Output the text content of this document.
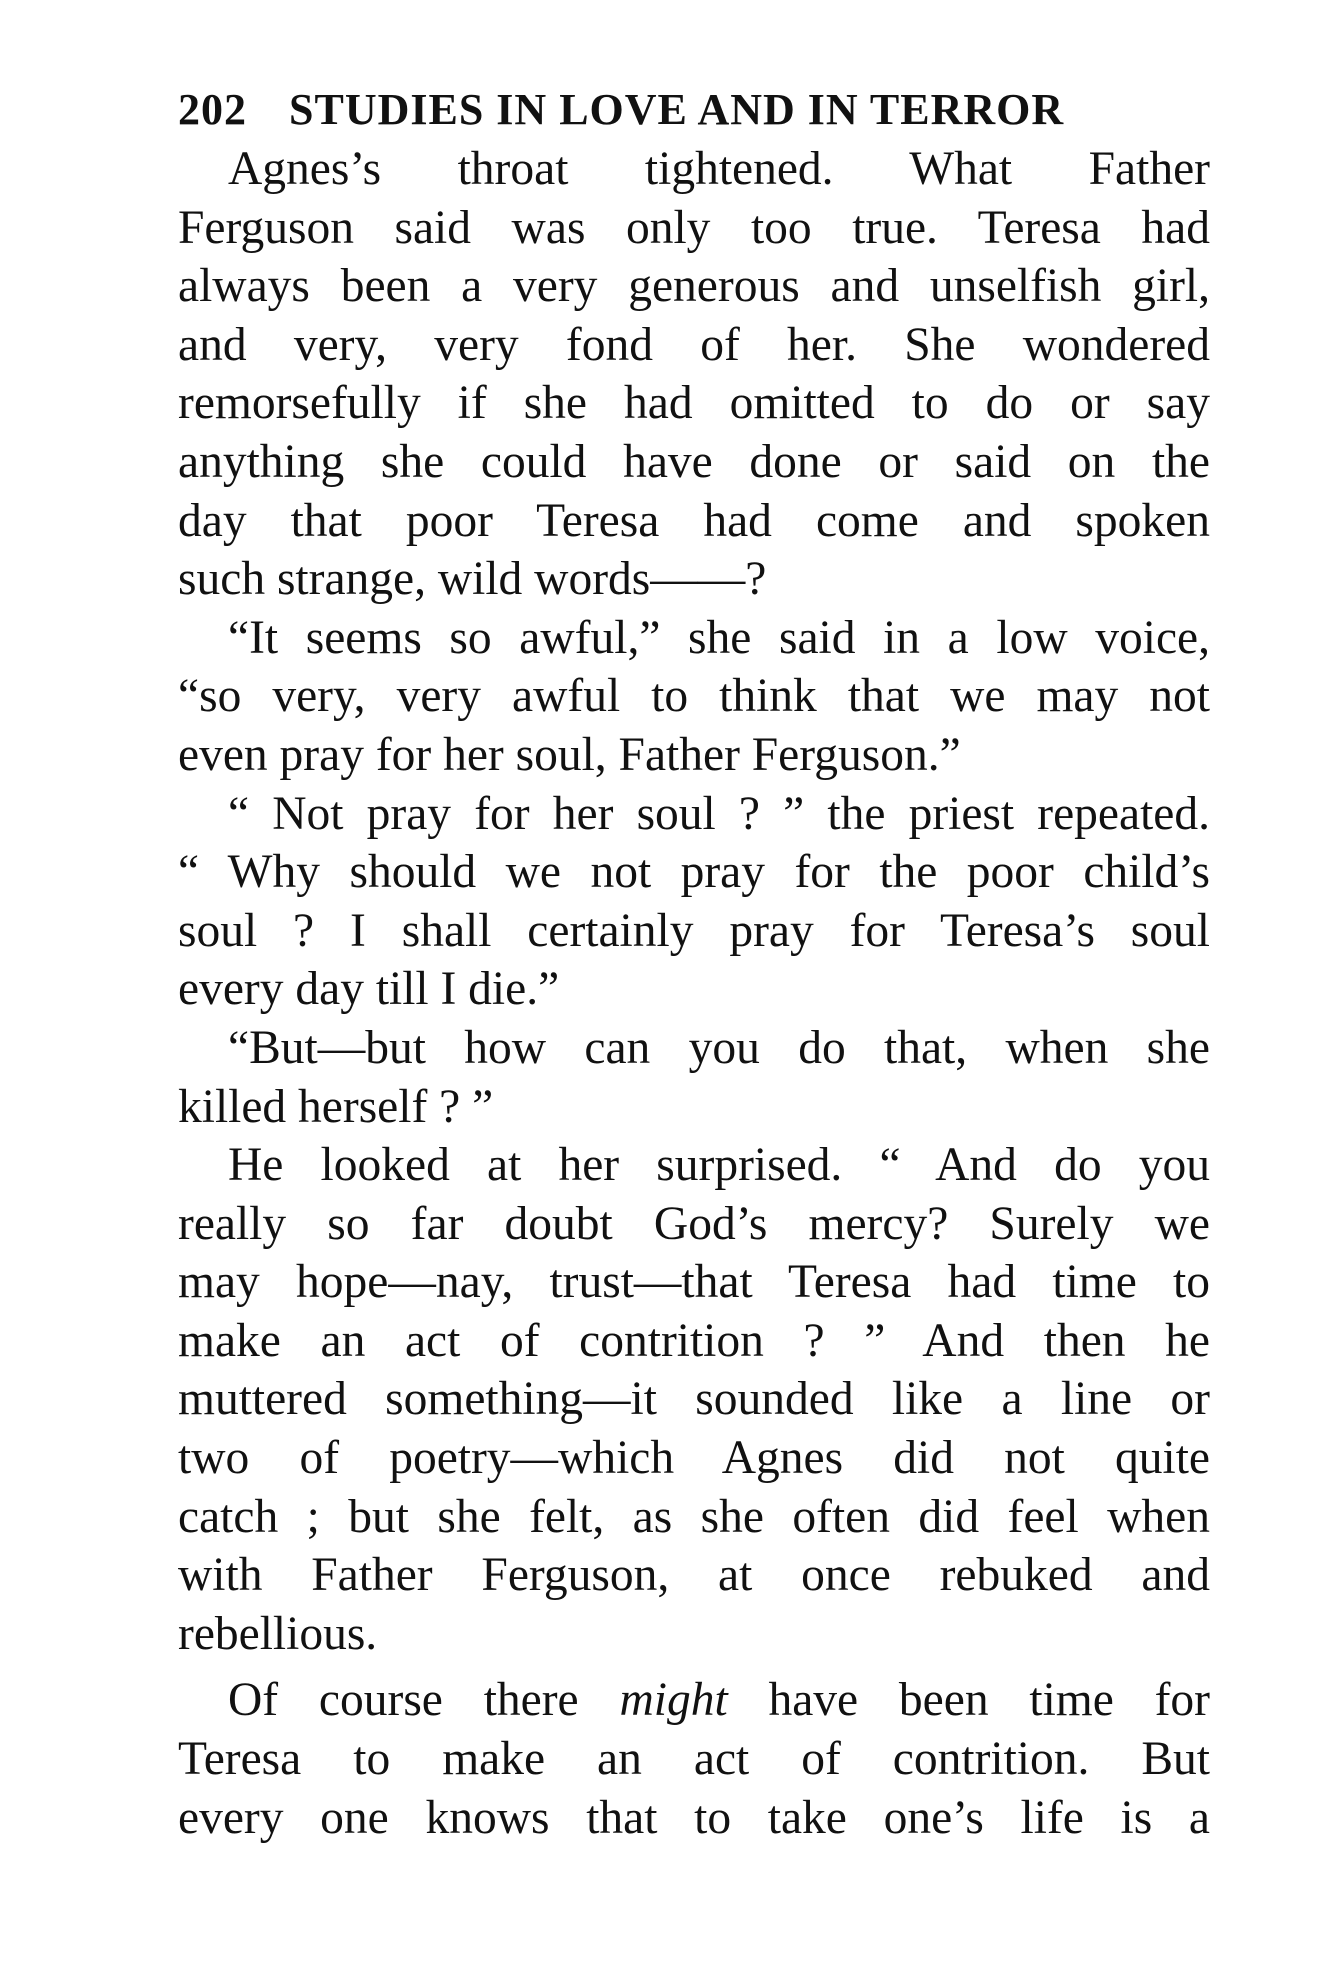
202 STUDIES IN LOVE AND IN TERROR
Agnes’s throat tightened. What Father
Ferguson said was only too true. Teresa had
always been a very generous and unselfish girl,
and very, very fond of her. She wondered
remorsefully if she had omitted to do or say
anything she could have done or said on the
day that poor Teresa had come and spoken
such strange, wild words——?
“It seems so awful,” she said in a low voice,
“so very, very awful to think that we may not
even pray for her soul, Father Ferguson.”
“ Not pray for her soul ? ” the priest repeated.
“ Why should we not pray for the poor child’s
soul ? I shall certainly pray for Teresa’s soul
every day till I die.”
“But—but how can you do that, when she
killed herself ? ”
He looked at her surprised. “ And do you
really so far doubt God’s mercy? Surely we
may hope—nay, trust—that Teresa had time to
make an act of contrition ? ” And then he
muttered something—it sounded like a line or
two of poetry—which Agnes did not quite
catch ; but she felt, as she often did feel when
with Father Ferguson, at once rebuked and
rebellious.
Of course there might have been time for
Teresa to make an act of contrition. But
every one knows that to take one’s life is a
